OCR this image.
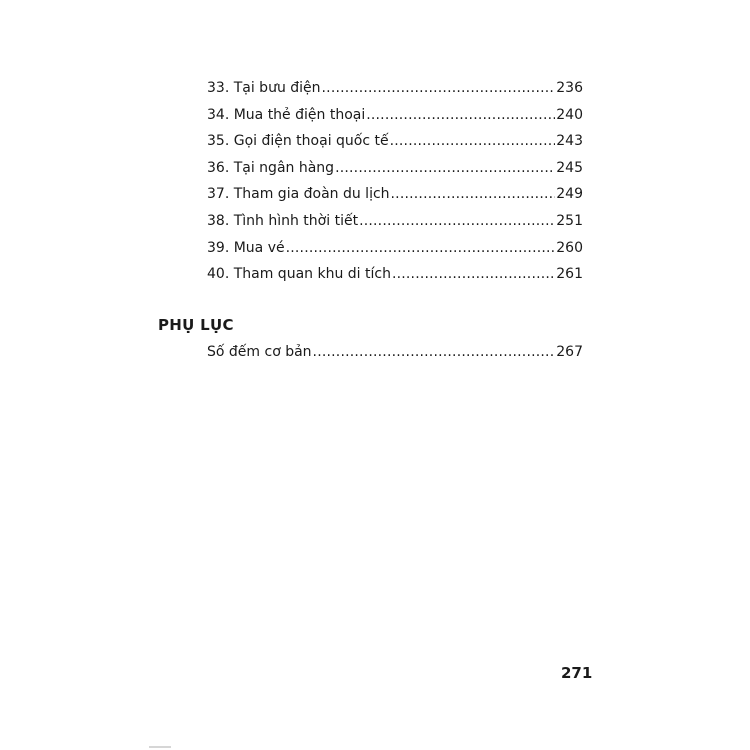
33. Tại bưu điện .....	236
34. Mua thẻ điện thoại .....	240
35. Gọi điện thoại quốc tế .....	243
36. Tại ngân hàng .....	245
37. Tham gia đoàn du lịch .....	249
38. Tình hình thời tiết .....	251
39. Mua vé .....	260
40. Tham quan khu di tích .....	261
PHỤ LỤC
Số đếm cơ bản .....	267
271
